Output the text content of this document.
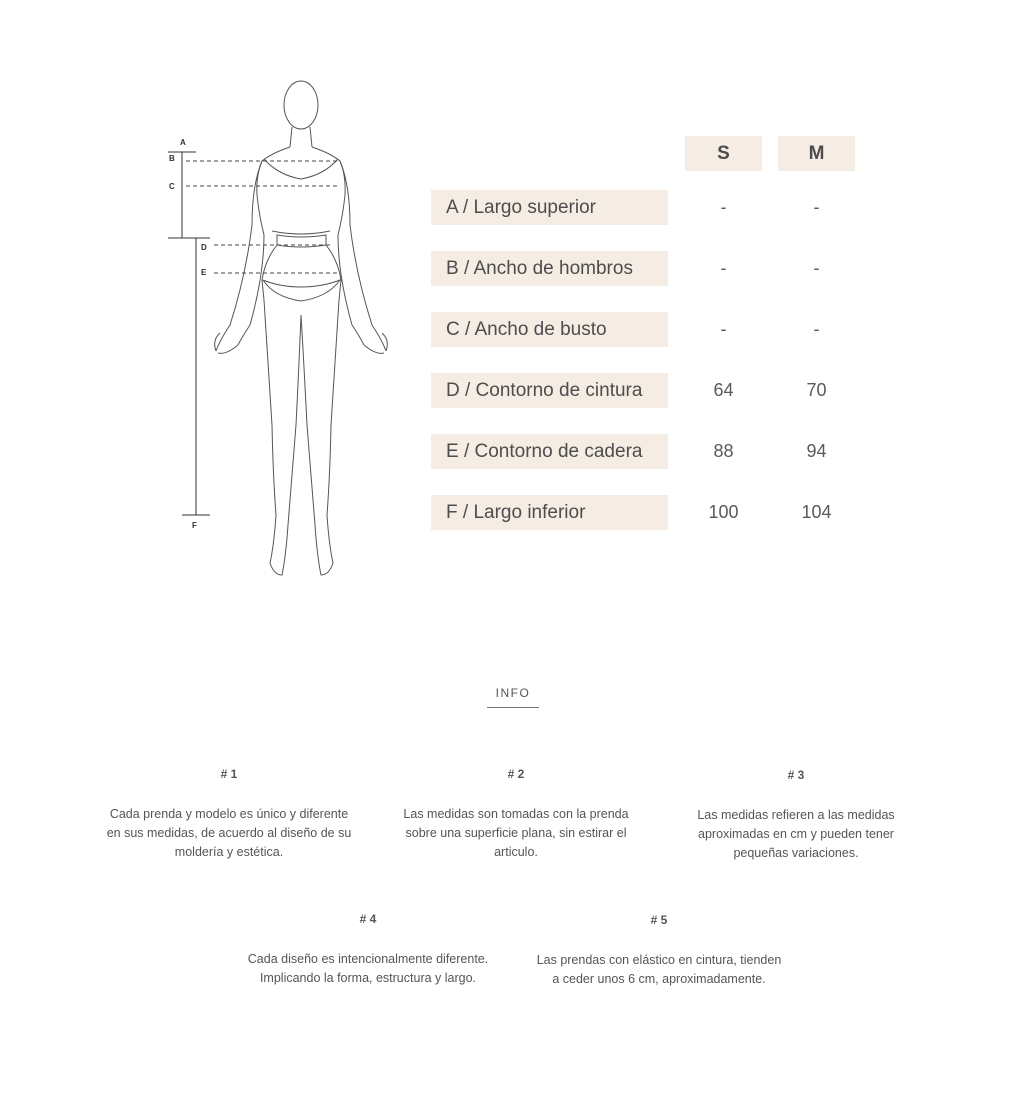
A
B
C
D
E
F
S	M
A / Largo superior	-	-
B / Ancho de hombros	-	-
C / Ancho de busto	-	-
D / Contorno de cintura	64	70
E / Contorno de cadera	88	94
F / Largo inferior	100	104
INFO
# 1
Cada prenda y modelo es único y diferente en sus medidas, de acuerdo al diseño de su moldería y estética.
# 2
Las medidas son tomadas con la prenda sobre una superficie plana, sin estirar el articulo.
# 3
Las medidas refieren a las medidas aproximadas en cm y pueden tener pequeñas variaciones.
# 4
Cada diseño es intencionalmente diferente. Implicando la forma, estructura y largo.
# 5
Las prendas con elástico en cintura, tienden a ceder unos 6 cm, aproximadamente.
